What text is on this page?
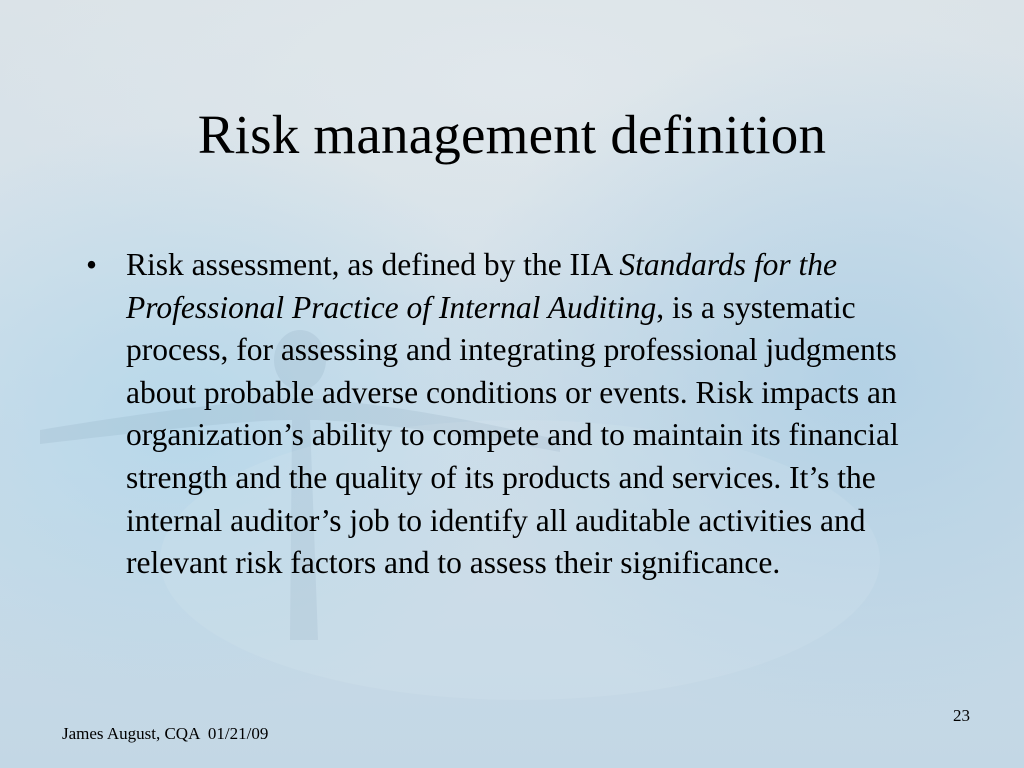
Risk management definition
• Risk assessment, as defined by the IIA Standards for the Professional Practice of Internal Auditing, is a systematic process, for assessing and integrating professional judgments about probable adverse conditions or events. Risk impacts an organization’s ability to compete and to maintain its financial strength and the quality of its products and services. It’s the internal auditor’s job to identify all auditable activities and relevant risk factors and to assess their significance.
James August, CQA  01/21/09
23
